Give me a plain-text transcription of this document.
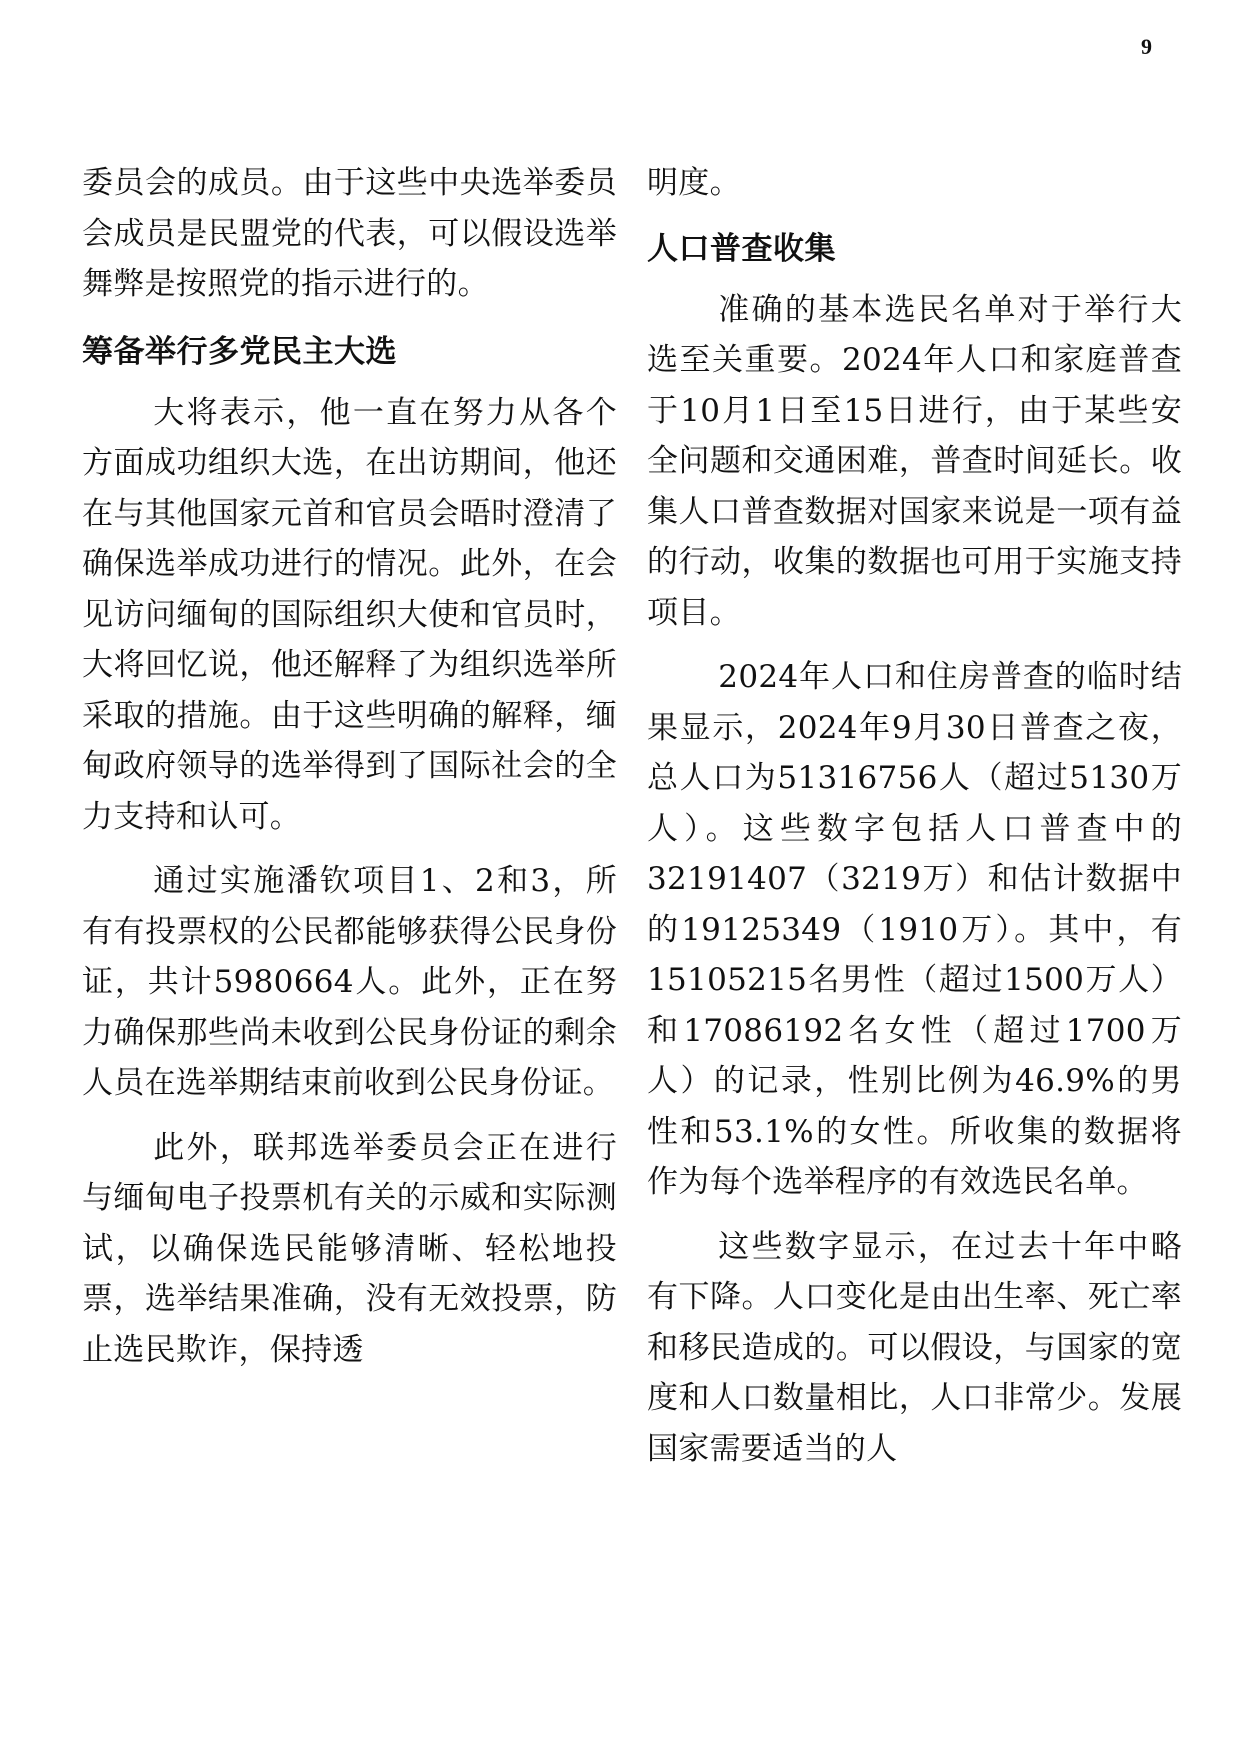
9

委员会的成员。由于这些中央选举委员会成员是民盟党的代表，可以假设选举舞弊是按照党的指示进行的。

筹备举行多党民主大选

大将表示，他一直在努力从各个方面成功组织大选，在出访期间，他还在与其他国家元首和官员会晤时澄清了确保选举成功进行的情况。此外，在会见访问缅甸的国际组织大使和官员时，大将回忆说，他还解释了为组织选举所采取的措施。由于这些明确的解释，缅甸政府领导的选举得到了国际社会的全力支持和认可。

通过实施潘钦项目1、2和3，所有有投票权的公民都能够获得公民身份证，共计5980664人。此外，正在努力确保那些尚未收到公民身份证的剩余人员在选举期结束前收到公民身份证。

此外，联邦选举委员会正在进行与缅甸电子投票机有关的示威和实际测试，以确保选民能够清晰、轻松地投票，选举结果准确，没有无效投票，防止选民欺诈，保持透

明度。

人口普查收集

准确的基本选民名单对于举行大选至关重要。2024年人口和家庭普查于10月1日至15日进行，由于某些安全问题和交通困难，普查时间延长。收集人口普查数据对国家来说是一项有益的行动，收集的数据也可用于实施支持项目。

2024年人口和住房普查的临时结果显示，2024年9月30日普查之夜，总人口为51316756人（超过5130万人）。这些数字包括人口普查中的32191407（3219万）和估计数据中的19125349（1910万）。其中，有15105215名男性（超过1500万人）和17086192名女性（超过1700万人）的记录，性别比例为46.9%的男性和53.1%的女性。所收集的数据将作为每个选举程序的有效选民名单。

这些数字显示，在过去十年中略有下降。人口变化是由出生率、死亡率和移民造成的。可以假设，与国家的宽度和人口数量相比，人口非常少。发展国家需要适当的人
